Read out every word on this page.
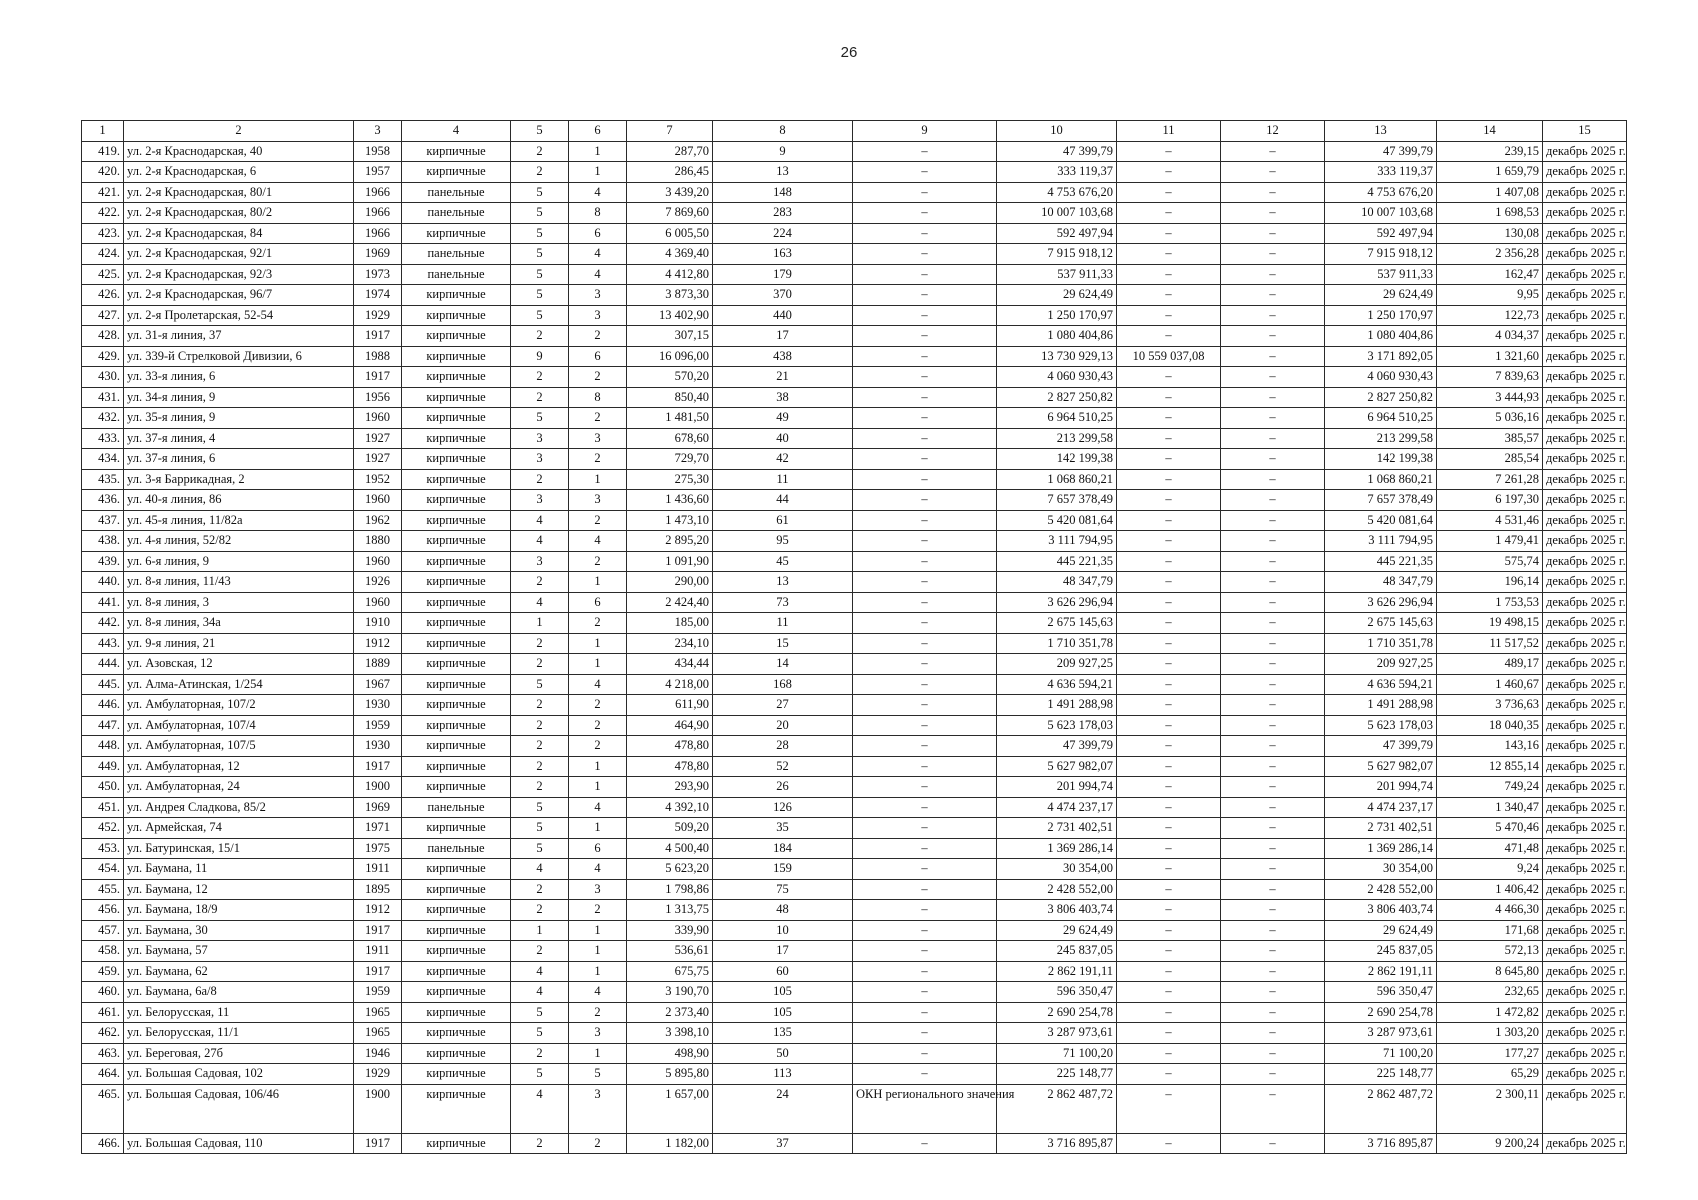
26
1	2	3	4	5	6	7	8	9	10	11	12	13	14	15
419.	ул. 2-я Краснодарская, 40	1958	кирпичные	2	1	287,70	9	–	47 399,79	–	–	47 399,79	239,15	декабрь 2025 г.
420.	ул. 2-я Краснодарская, 6	1957	кирпичные	2	1	286,45	13	–	333 119,37	–	–	333 119,37	1 659,79	декабрь 2025 г.
421.	ул. 2-я Краснодарская, 80/1	1966	панельные	5	4	3 439,20	148	–	4 753 676,20	–	–	4 753 676,20	1 407,08	декабрь 2025 г.
422.	ул. 2-я Краснодарская, 80/2	1966	панельные	5	8	7 869,60	283	–	10 007 103,68	–	–	10 007 103,68	1 698,53	декабрь 2025 г.
423.	ул. 2-я Краснодарская, 84	1966	кирпичные	5	6	6 005,50	224	–	592 497,94	–	–	592 497,94	130,08	декабрь 2025 г.
424.	ул. 2-я Краснодарская, 92/1	1969	панельные	5	4	4 369,40	163	–	7 915 918,12	–	–	7 915 918,12	2 356,28	декабрь 2025 г.
425.	ул. 2-я Краснодарская, 92/3	1973	панельные	5	4	4 412,80	179	–	537 911,33	–	–	537 911,33	162,47	декабрь 2025 г.
426.	ул. 2-я Краснодарская, 96/7	1974	кирпичные	5	3	3 873,30	370	–	29 624,49	–	–	29 624,49	9,95	декабрь 2025 г.
427.	ул. 2-я Пролетарская, 52-54	1929	кирпичные	5	3	13 402,90	440	–	1 250 170,97	–	–	1 250 170,97	122,73	декабрь 2025 г.
428.	ул. 31-я линия, 37	1917	кирпичные	2	2	307,15	17	–	1 080 404,86	–	–	1 080 404,86	4 034,37	декабрь 2025 г.
429.	ул. 339-й Стрелковой Дивизии, 6	1988	кирпичные	9	6	16 096,00	438	–	13 730 929,13	10 559 037,08	–	3 171 892,05	1 321,60	декабрь 2025 г.
430.	ул. 33-я линия, 6	1917	кирпичные	2	2	570,20	21	–	4 060 930,43	–	–	4 060 930,43	7 839,63	декабрь 2025 г.
431.	ул. 34-я линия, 9	1956	кирпичные	2	8	850,40	38	–	2 827 250,82	–	–	2 827 250,82	3 444,93	декабрь 2025 г.
432.	ул. 35-я линия, 9	1960	кирпичные	5	2	1 481,50	49	–	6 964 510,25	–	–	6 964 510,25	5 036,16	декабрь 2025 г.
433.	ул. 37-я линия, 4	1927	кирпичные	3	3	678,60	40	–	213 299,58	–	–	213 299,58	385,57	декабрь 2025 г.
434.	ул. 37-я линия, 6	1927	кирпичные	3	2	729,70	42	–	142 199,38	–	–	142 199,38	285,54	декабрь 2025 г.
435.	ул. 3-я Баррикадная, 2	1952	кирпичные	2	1	275,30	11	–	1 068 860,21	–	–	1 068 860,21	7 261,28	декабрь 2025 г.
436.	ул. 40-я линия, 86	1960	кирпичные	3	3	1 436,60	44	–	7 657 378,49	–	–	7 657 378,49	6 197,30	декабрь 2025 г.
437.	ул. 45-я линия, 11/82а	1962	кирпичные	4	2	1 473,10	61	–	5 420 081,64	–	–	5 420 081,64	4 531,46	декабрь 2025 г.
438.	ул. 4-я линия, 52/82	1880	кирпичные	4	4	2 895,20	95	–	3 111 794,95	–	–	3 111 794,95	1 479,41	декабрь 2025 г.
439.	ул. 6-я линия, 9	1960	кирпичные	3	2	1 091,90	45	–	445 221,35	–	–	445 221,35	575,74	декабрь 2025 г.
440.	ул. 8-я линия, 11/43	1926	кирпичные	2	1	290,00	13	–	48 347,79	–	–	48 347,79	196,14	декабрь 2025 г.
441.	ул. 8-я линия, 3	1960	кирпичные	4	6	2 424,40	73	–	3 626 296,94	–	–	3 626 296,94	1 753,53	декабрь 2025 г.
442.	ул. 8-я линия, 34а	1910	кирпичные	1	2	185,00	11	–	2 675 145,63	–	–	2 675 145,63	19 498,15	декабрь 2025 г.
443.	ул. 9-я линия, 21	1912	кирпичные	2	1	234,10	15	–	1 710 351,78	–	–	1 710 351,78	11 517,52	декабрь 2025 г.
444.	ул. Азовская, 12	1889	кирпичные	2	1	434,44	14	–	209 927,25	–	–	209 927,25	489,17	декабрь 2025 г.
445.	ул. Алма-Атинская, 1/254	1967	кирпичные	5	4	4 218,00	168	–	4 636 594,21	–	–	4 636 594,21	1 460,67	декабрь 2025 г.
446.	ул. Амбулаторная, 107/2	1930	кирпичные	2	2	611,90	27	–	1 491 288,98	–	–	1 491 288,98	3 736,63	декабрь 2025 г.
447.	ул. Амбулаторная, 107/4	1959	кирпичные	2	2	464,90	20	–	5 623 178,03	–	–	5 623 178,03	18 040,35	декабрь 2025 г.
448.	ул. Амбулаторная, 107/5	1930	кирпичные	2	2	478,80	28	–	47 399,79	–	–	47 399,79	143,16	декабрь 2025 г.
449.	ул. Амбулаторная, 12	1917	кирпичные	2	1	478,80	52	–	5 627 982,07	–	–	5 627 982,07	12 855,14	декабрь 2025 г.
450.	ул. Амбулаторная, 24	1900	кирпичные	2	1	293,90	26	–	201 994,74	–	–	201 994,74	749,24	декабрь 2025 г.
451.	ул. Андрея Сладкова, 85/2	1969	панельные	5	4	4 392,10	126	–	4 474 237,17	–	–	4 474 237,17	1 340,47	декабрь 2025 г.
452.	ул. Армейская, 74	1971	кирпичные	5	1	509,20	35	–	2 731 402,51	–	–	2 731 402,51	5 470,46	декабрь 2025 г.
453.	ул. Батуринская, 15/1	1975	панельные	5	6	4 500,40	184	–	1 369 286,14	–	–	1 369 286,14	471,48	декабрь 2025 г.
454.	ул. Баумана, 11	1911	кирпичные	4	4	5 623,20	159	–	30 354,00	–	–	30 354,00	9,24	декабрь 2025 г.
455.	ул. Баумана, 12	1895	кирпичные	2	3	1 798,86	75	–	2 428 552,00	–	–	2 428 552,00	1 406,42	декабрь 2025 г.
456.	ул. Баумана, 18/9	1912	кирпичные	2	2	1 313,75	48	–	3 806 403,74	–	–	3 806 403,74	4 466,30	декабрь 2025 г.
457.	ул. Баумана, 30	1917	кирпичные	1	1	339,90	10	–	29 624,49	–	–	29 624,49	171,68	декабрь 2025 г.
458.	ул. Баумана, 57	1911	кирпичные	2	1	536,61	17	–	245 837,05	–	–	245 837,05	572,13	декабрь 2025 г.
459.	ул. Баумана, 62	1917	кирпичные	4	1	675,75	60	–	2 862 191,11	–	–	2 862 191,11	8 645,80	декабрь 2025 г.
460.	ул. Баумана, 6а/8	1959	кирпичные	4	4	3 190,70	105	–	596 350,47	–	–	596 350,47	232,65	декабрь 2025 г.
461.	ул. Белорусская, 11	1965	кирпичные	5	2	2 373,40	105	–	2 690 254,78	–	–	2 690 254,78	1 472,82	декабрь 2025 г.
462.	ул. Белорусская, 11/1	1965	кирпичные	5	3	3 398,10	135	–	3 287 973,61	–	–	3 287 973,61	1 303,20	декабрь 2025 г.
463.	ул. Береговая, 27б	1946	кирпичные	2	1	498,90	50	–	71 100,20	–	–	71 100,20	177,27	декабрь 2025 г.
464.	ул. Большая Садовая, 102	1929	кирпичные	5	5	5 895,80	113	–	225 148,77	–	–	225 148,77	65,29	декабрь 2025 г.
465.	ул. Большая Садовая, 106/46	1900	кирпичные	4	3	1 657,00	24	ОКН регионального значения	2 862 487,72	–	–	2 862 487,72	2 300,11	декабрь 2025 г.
466.	ул. Большая Садовая, 110	1917	кирпичные	2	2	1 182,00	37	–	3 716 895,87	–	–	3 716 895,87	9 200,24	декабрь 2025 г.
